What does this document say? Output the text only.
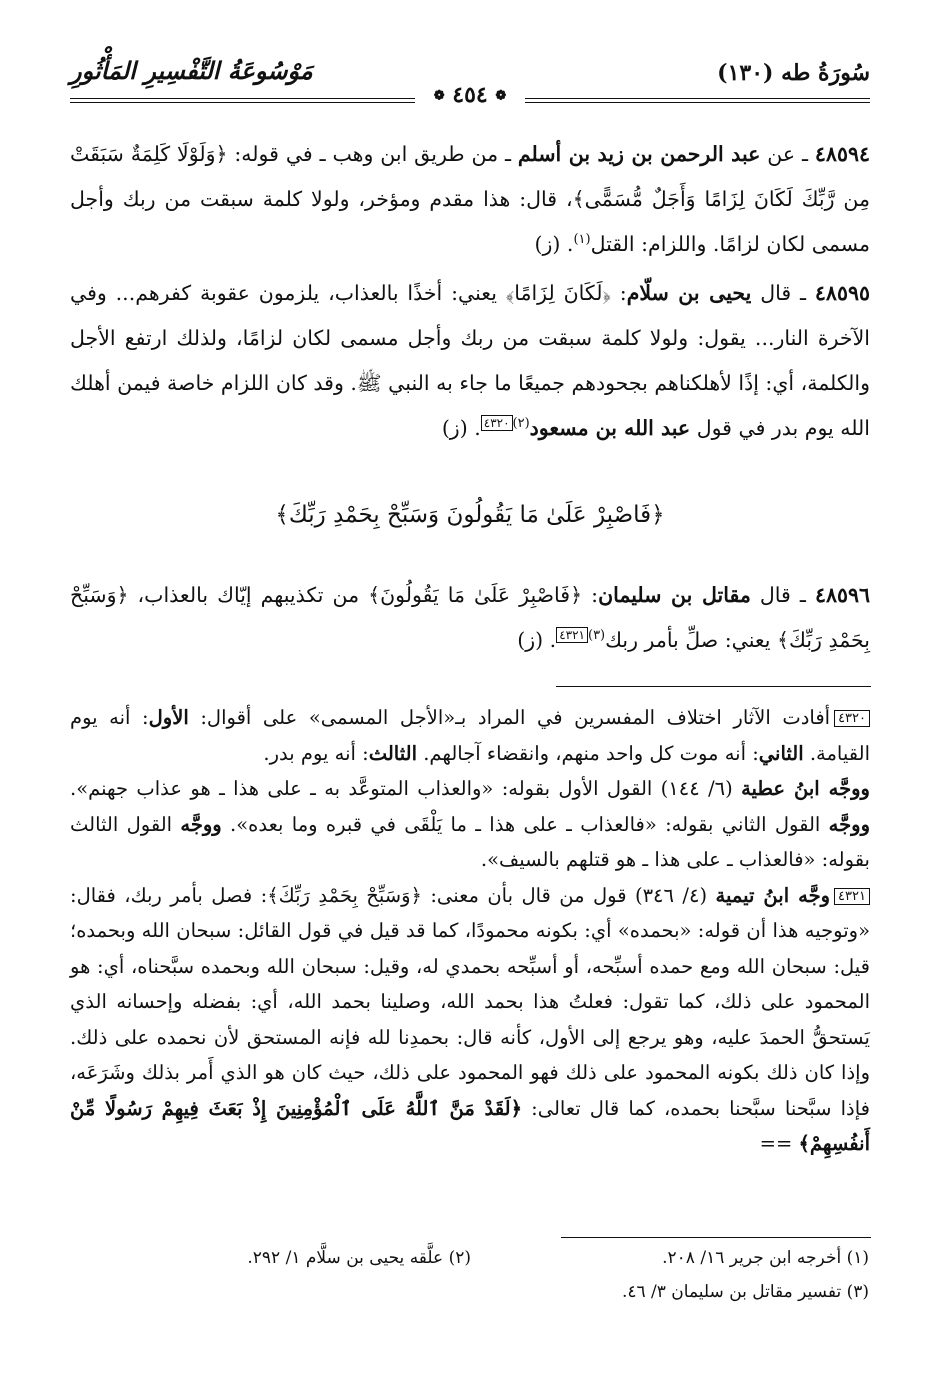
سُورَةُ طه (١٣٠)
مَوْسُوعَةُ التَّفْسِيرِ المَأْثُورِ
❁ ٤٥٤ ❁

٤٨٥٩٤ ـ عن عبد الرحمن بن زيد بن أسلم ـ من طريق ابن وهب ـ في قوله: ﴿وَلَوْلَا كَلِمَةٌ سَبَقَتْ مِن رَّبِّكَ لَكَانَ لِزَامًا وَأَجَلٌ مُّسَمًّى﴾، قال: هذا مقدم ومؤخر، ولولا كلمة سبقت من ربك وأجل مسمى لكان لزامًا. واللزام: القتل$^{(١)}$. (ز)

٤٨٥٩٥ ـ قال يحيى بن سلّام: ﴿لَكَانَ لِزَامًا﴾ يعني: أخذًا بالعذاب، يلزمون عقوبة كفرهم... وفي الآخرة النار... يقول: ولولا كلمة سبقت من ربك وأجل مسمى لكان لزامًا، ولذلك ارتفع الأجل والكلمة، أي: إذًا لأهلكناهم بجحودهم جميعًا ما جاء به النبي ﷺ. وقد كان اللزام خاصة فيمن أهلك الله يوم بدر في قول عبد الله بن مسعود$^{(٢)}$٤٣٢٠. (ز)

﴿فَاصْبِرْ عَلَىٰ مَا يَقُولُونَ وَسَبِّحْ بِحَمْدِ رَبِّكَ﴾

٤٨٥٩٦ ـ قال مقاتل بن سليمان: ﴿فَاصْبِرْ عَلَىٰ مَا يَقُولُونَ﴾ من تكذيبهم إيّاك بالعذاب، ﴿وَسَبِّحْ بِحَمْدِ رَبِّكَ﴾ يعني: صلِّ بأمر ربك$^{(٣)}$٤٣٢١. (ز)

٤٣٢٠أفادت الآثار اختلاف المفسرين في المراد بـ«الأجل المسمى» على أقوال: الأول: أنه يوم القيامة. الثاني: أنه موت كل واحد منهم، وانقضاء آجالهم. الثالث: أنه يوم بدر.
ووجَّه ابنُ عطية (٦/ ١٤٤) القول الأول بقوله: «والعذاب المتوعَّد به ـ على هذا ـ هو عذاب جهنم». ووجَّه القول الثاني بقوله: «فالعذاب ـ على هذا ـ ما يَلْقَى في قبره وما بعده». ووجَّه القول الثالث بقوله: «فالعذاب ـ على هذا ـ هو قتلهم بالسيف».

٤٣٢١وجَّه ابنُ تيمية (٤/ ٣٤٦) قول من قال بأن معنى: ﴿وَسَبِّحْ بِحَمْدِ رَبِّكَ﴾: فصل بأمر ربك، فقال: «وتوجيه هذا أن قوله: «بحمده» أي: بكونه محمودًا، كما قد قيل في قول القائل: سبحان الله وبحمده؛ قيل: سبحان الله ومع حمده أسبِّحه، أو أسبِّحه بحمدي له، وقيل: سبحان الله وبحمده سبَّحناه، أي: هو المحمود على ذلك، كما تقول: فعلتُ هذا بحمد الله، وصلينا بحمد الله، أي: بفضله وإحسانه الذي يَستحقُّ الحمدَ عليه، وهو يرجع إلى الأول، كأنه قال: بحمدِنا لله فإنه المستحق لأن نحمده على ذلك. وإذا كان ذلك بكونه المحمود على ذلك فهو المحمود على ذلك، حيث كان هو الذي أَمر بذلك وشَرَعَه، فإذا سبَّحنا سبَّحنا بحمده، كما قال تعالى: ﴿لَقَدْ مَنَّ ٱللَّهُ عَلَى ٱلْمُؤْمِنِينَ إِذْ بَعَثَ فِيهِمْ رَسُولًا مِّنْ أَنفُسِهِمْ﴾ ==

(١) أخرجه ابن جرير ١٦/ ٢٠٨.
(٢) علَّقه يحيى بن سلَّام ١/ ٢٩٢.
(٣) تفسير مقاتل بن سليمان ٣/ ٤٦.
